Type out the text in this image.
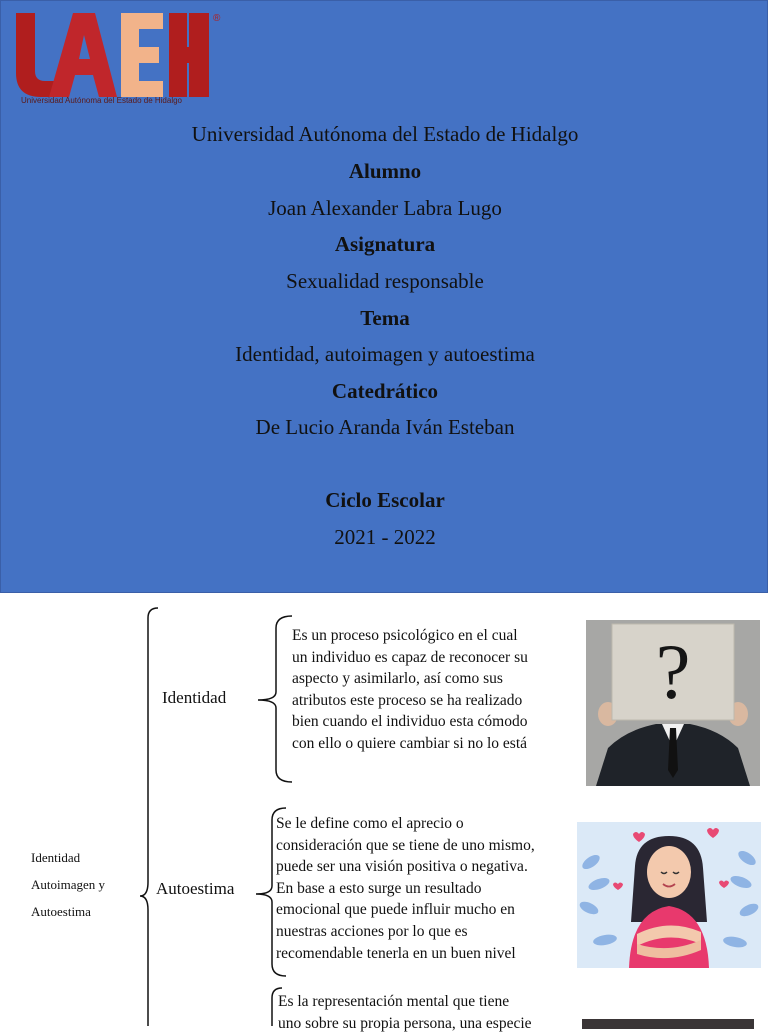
®
Universidad Autónoma del Estado de Hidalgo
Universidad Autónoma del Estado de Hidalgo
Alumno
Joan Alexander Labra Lugo
Asignatura
Sexualidad responsable
Tema
Identidad, autoimagen y autoestima
Catedrático
De Lucio Aranda Iván Esteban
Ciclo Escolar
2021 - 2022
Identidad
Autoimagen y
Autoestima
Identidad
Es un proceso psicológico en el cual
un individuo es capaz de reconocer su
aspecto y asimilarlo, así como sus
atributos este proceso se ha realizado
bien cuando el individuo esta cómodo
con ello o quiere cambiar si no lo está
?
Autoestima
Se le define como el aprecio o
consideración que se tiene de uno mismo,
puede ser una visión positiva o negativa.
En base a esto surge un resultado
emocional que puede influir mucho en
nuestras acciones por lo que es
recomendable tenerla en un buen nivel
Es la representación mental que tiene
uno sobre su propia persona, una especie
